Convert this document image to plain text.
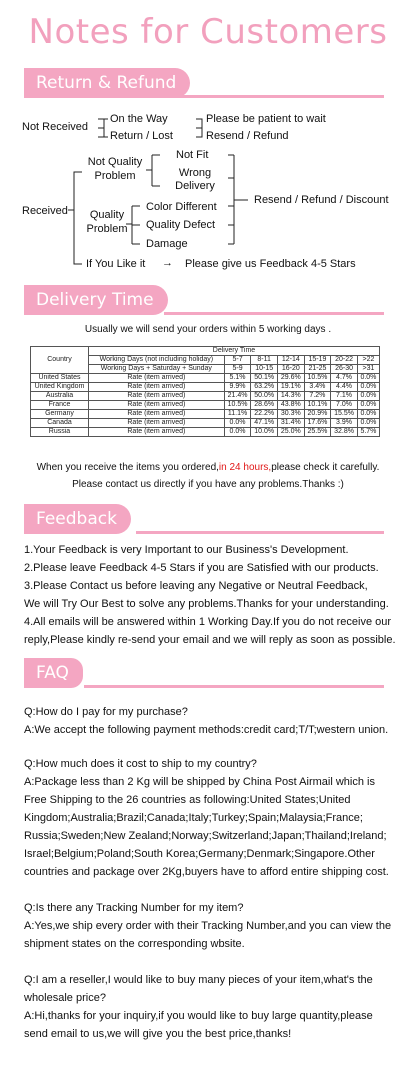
Notes for Customers
Return & Refund
Not Received
On the Way
Return / Lost
Please be patient to wait
Resend / Refund
Received
Not Quality
Problem
Not Fit
Wrong
Delivery
Quality
Problem
Color Different
Quality Defect
Damage
Resend / Refund / Discount
If You Like it → Please give us Feedback 4-5 Stars
Delivery Time
Usually we will send your orders within 5 working days .
Country	Delivery Time						
	Working Days (not including holiday)	5-7	8-11	12-14	15-19	20-22	>22
	Working Days + Saturday + Sunday	5-9	10-15	16-20	21-25	26-30	>31
United States	Rate (item arrived)	5.1%	50.1%	29.6%	10.5%	4.7%	0.0%
United Kingdom	Rate (item arrived)	9.9%	63.2%	19.1%	3.4%	4.4%	0.0%
Australia	Rate (item arrived)	21.4%	50.0%	14.3%	7.2%	7.1%	0.0%
France	Rate (item arrived)	10.5%	28.6%	43.8%	10.1%	7.0%	0.0%
Germany	Rate (item arrived)	11.1%	22.2%	30.3%	20.9%	15.5%	0.0%
Canada	Rate (item arrived)	0.0%	47.1%	31.4%	17.6%	3.9%	0.0%
Russia	Rate (item arrived)	0.0%	10.0%	25.0%	25.5%	32.8%	5.7%
When you receive the items you ordered,in 24 hours,please check it carefully.
Please contact us directly if you have any problems.Thanks :)
Feedback
1.Your Feedback is very Important to our Business's Development.
2.Please leave Feedback 4-5 Stars if you are Satisfied with our products.
3.Please Contact us before leaving any Negative or Neutral Feedback,
We will Try Our Best to solve any problems.Thanks for your understanding.
4.All emails will be answered within 1 Working Day.If you do not receive our
reply,Please kindly re-send your email and we will reply as soon as possible.
FAQ
Q:How do I pay for my purchase?
A:We accept the following payment methods:credit card;T/T;western union.
Q:How much does it cost to ship to my country?
A:Package less than 2 Kg will be shipped by China Post Airmail which is
Free Shipping to the 26 countries as following:United States;United
Kingdom;Australia;Brazil;Canada;Italy;Turkey;Spain;Malaysia;France;
Russia;Sweden;New Zealand;Norway;Switzerland;Japan;Thailand;Ireland;
Israel;Belgium;Poland;South Korea;Germany;Denmark;Singapore.Other
countries and package over 2Kg,buyers have to afford entire shipping cost.
Q:Is there any Tracking Number for my item?
A:Yes,we ship every order with their Tracking Number,and you can view the
shipment states on the corresponding wbsite.
Q:I am a reseller,I would like to buy many pieces of your item,what's the
wholesale price?
A:Hi,thanks for your inquiry,if you would like to buy large quantity,please
send email to us,we will give you the best price,thanks!
